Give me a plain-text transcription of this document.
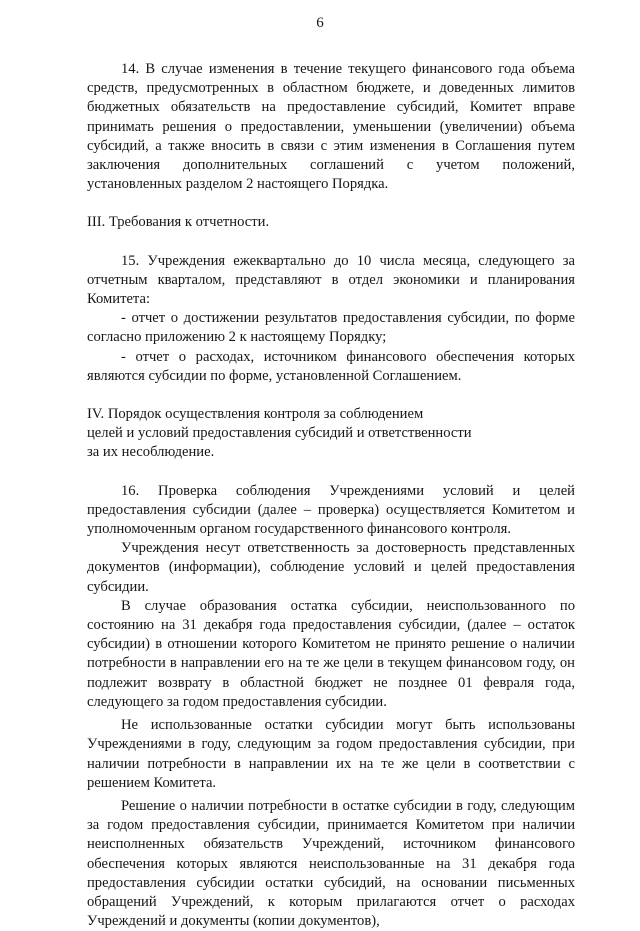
6

14. В случае изменения в течение текущего финансового года объема средств, предусмотренных в областном бюджете, и доведенных лимитов бюджетных обязательств на предоставление субсидий, Комитет вправе принимать решения о предоставлении, уменьшении (увеличении) объема субсидий, а также вносить в связи с этим изменения в Соглашения путем заключения дополнительных соглашений с учетом положений, установленных разделом 2 настоящего Порядка.

III. Требования к отчетности.

15. Учреждения ежеквартально до 10 числа месяца, следующего за отчетным кварталом, представляют в отдел экономики и планирования Комитета:

- отчет о достижении результатов предоставления субсидии, по форме согласно приложению 2 к настоящему Порядку;

- отчет о расходах, источником финансового обеспечения которых являются субсидии по форме, установленной Соглашением.

IV. Порядок осуществления контроля за соблюдением

целей и условий предоставления субсидий и ответственности

за их несоблюдение.

16. Проверка соблюдения Учреждениями условий и целей предоставления субсидии (далее – проверка) осуществляется Комитетом и уполномоченным органом государственного финансового контроля.

Учреждения несут ответственность за достоверность представленных документов (информации), соблюдение условий и целей предоставления субсидии.

В случае образования остатка субсидии, неиспользованного по состоянию на 31 декабря года предоставления субсидии, (далее – остаток субсидии) в отношении которого Комитетом не принято решение о наличии потребности в направлении его на те же цели в текущем финансовом году, он подлежит возврату в областной бюджет не позднее 01 февраля года, следующего за годом предоставления субсидии.

Не использованные остатки субсидии могут быть использованы Учреждениями в году, следующим за годом предоставления субсидии, при наличии потребности в направлении их на те же цели в соответствии с решением Комитета.

Решение о наличии потребности в остатке субсидии в году, следующим за годом предоставления субсидии, принимается Комитетом при наличии неисполненных обязательств Учреждений, источником финансового обеспечения которых являются неиспользованные на 31 декабря года предоставления субсидии остатки субсидий, на основании письменных обращений Учреждений, к которым прилагаются отчет о расходах Учреждений и документы (копии документов),
